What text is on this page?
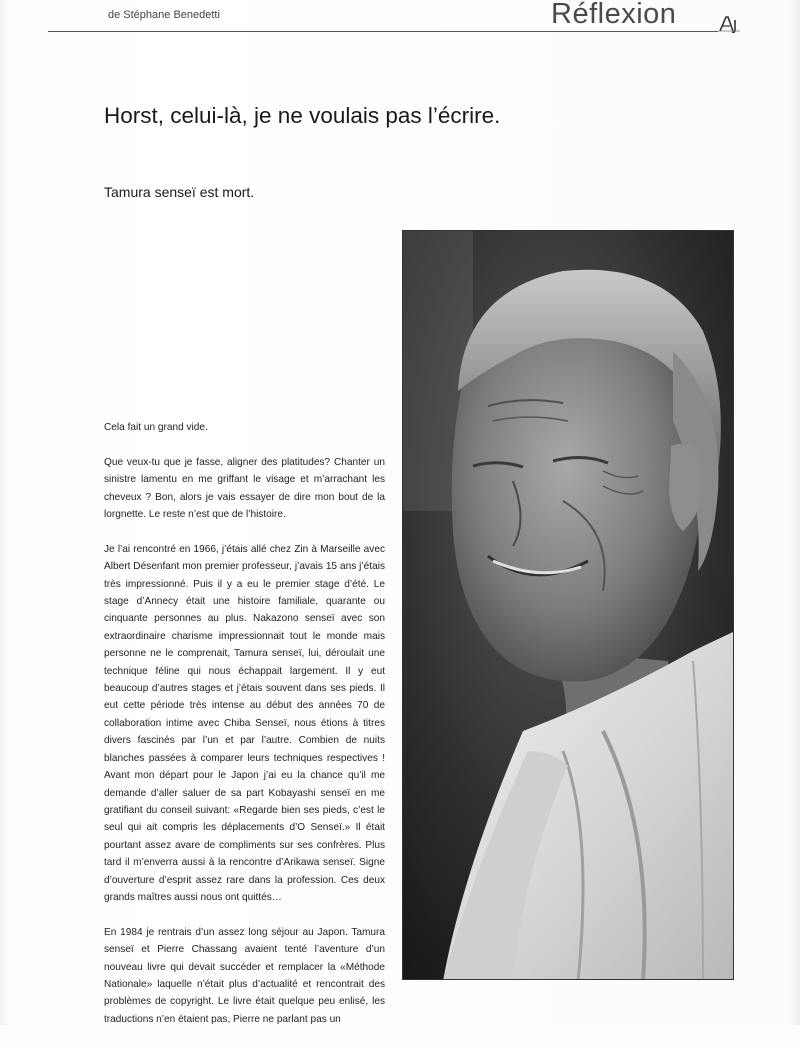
de Stéphane Benedetti	Réflexion
Horst, celui-là, je ne voulais pas l’écrire.
Tamura senseï est mort.

Cela fait un grand vide.

Que veux-tu que je fasse, aligner des platitudes? Chanter un sinistre lamentu en me griffant le visage et m’arrachant les cheveux ? Bon, alors je vais essayer de dire mon bout de la lorgnette. Le reste n’est que de l’histoire.

Je l’ai rencontré en 1966, j’étais allé chez Zin à Marseille avec Albert Désenfant mon premier professeur, j’avais 15 ans j’étais très impressionné. Puis il y a eu le premier stage d’été. Le stage d’Annecy était une histoire familiale, quarante ou cinquante personnes au plus. Nakazono senseï avec son extraordinaire charisme impressionnait tout le monde mais personne ne le comprenait, Tamura senseï, lui, déroulait une technique féline qui nous échappait largement. Il y eut beaucoup d’autres stages et j’étais souvent dans ses pieds. Il eut cette période très intense au début des années 70 de collaboration intime avec Chiba Senseï, nous étions à titres divers fascinés par l’un et par l’autre. Combien de nuits blanches passées à comparer leurs techniques respectives ! Avant mon départ pour le Japon j’ai eu la chance qu’il me demande d’aller saluer de sa part Kobayashi senseï en me gratifiant du conseil suivant: «Regarde bien ses pieds, c’est le seul qui ait compris les déplacements d’O Senseï.» Il était pourtant assez avare de compliments sur ses confrères. Plus tard il m’enverra aussi à la rencontre d’Arikawa senseï. Signe d’ouverture d’esprit assez rare dans la profession. Ces deux grands maîtres aussi nous ont quittés…

En 1984 je rentrais d’un assez long séjour au Japon. Tamura senseï et Pierre Chassang avaient tenté l’aventure d’un nouveau livre qui devait succéder et remplacer la «Méthode Nationale» laquelle n’était plus d’actualité et rencontrait des problèmes de copyright. Le livre était quelque peu enlisé, les traductions n’en étaient pas, Pierre ne parlant pas un
